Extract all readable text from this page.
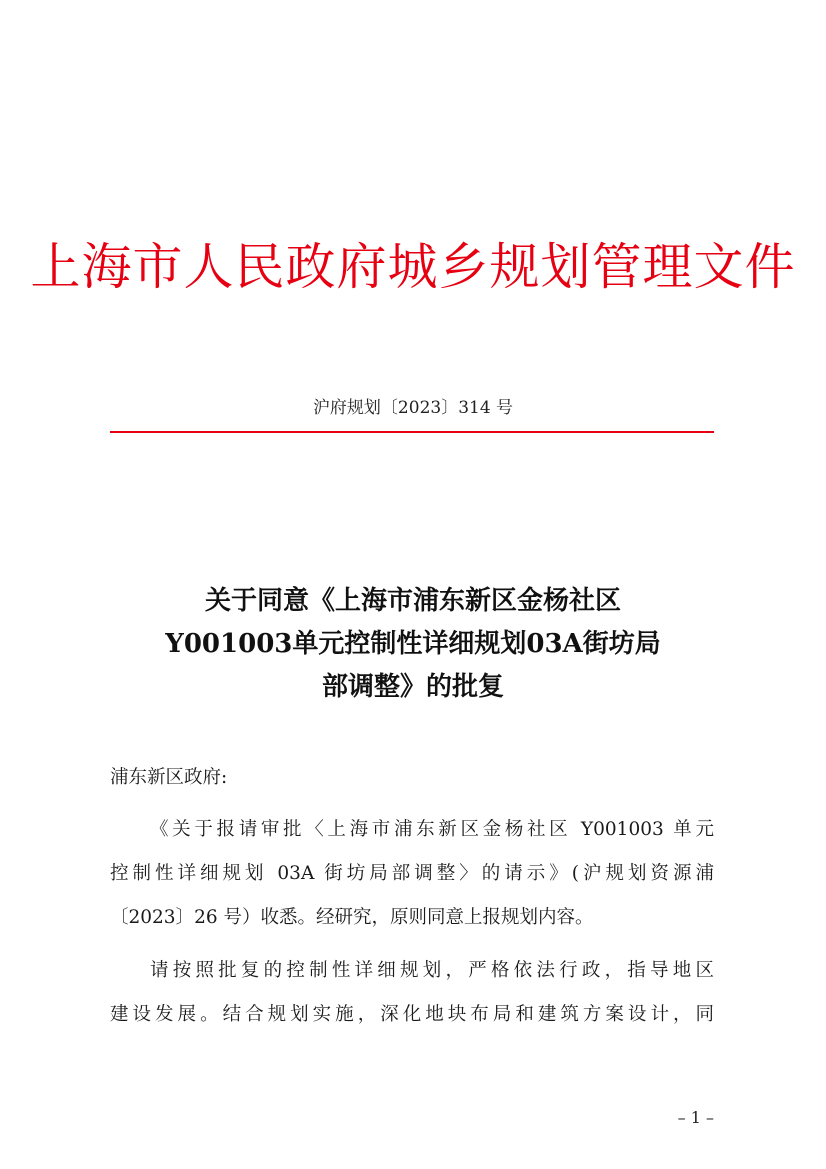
上海市人民政府城乡规划管理文件
沪府规划〔2023〕314 号
关于同意《上海市浦东新区金杨社区
Y001003单元控制性详细规划03A街坊局
部调整》的批复
浦东新区政府:
《关于报请审批〈上海市浦东新区金杨社区 Y001003 单元
控制性详细规划 03A 街坊局部调整〉的请示》(沪规划资源浦
〔2023〕26 号）收悉。经研究，原则同意上报规划内容。
请按照批复的控制性详细规划，严格依法行政，指导地区
建设发展。结合规划实施，深化地块布局和建筑方案设计，同
– 1 –
